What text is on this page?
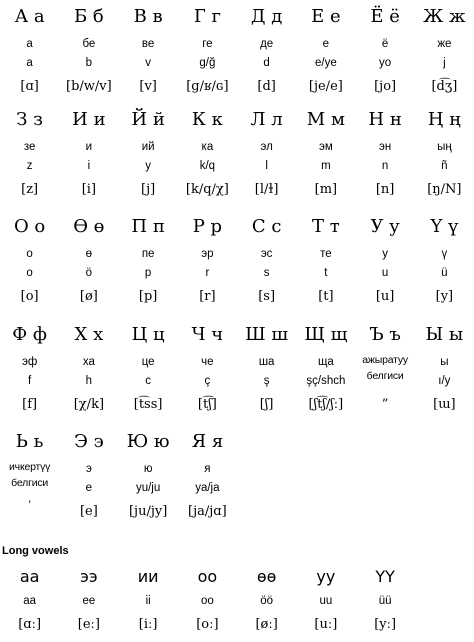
А а
а
a
[ɑ]
Б б
бе
b
[b/w/v]
В в
ве
v
[v]
Г г
ге
g/ğ
[g/ʁ/ɢ]
Д д
де
d
[d]
Е е
е
e/ye
[je/e]
Ё ё
ё
yo
[jo]
Ж ж
же
j
[d͡ʒ]
З з
зе
z
[z]
И и
и
i
[i]
Й й
ий
y
[j]
К к
ка
k/q
[k/q/χ]
Л л
эл
l
[l/ɫ]
М м
эм
m
[m]
Н н
эн
n
[n]
Ң ң
ың
ñ
[ŋ/N]
О о
о
o
[o]
Ө ө
ө
ö
[ø]
П п
пе
p
[p]
Р р
эр
r
[r]
С с
эс
s
[s]
Т т
те
t
[t]
У у
у
u
[u]
Ү ү
ү
ü
[y]
Ф ф
эф
f
[f]
Х х
ха
h
[χ/k]
Ц ц
це
c
[t͡ss]
Ч ч
че
ç
[t͡ʃ]
Ш ш
ша
ş
[ʃ]
Щ щ
ща
şç/shch
[ʃt͡ʃ/ʃː]
Ъ ъ
ажыратуу белгиси
”
Ы ы
ы
ı/y
[ɯ]
Ь ь
ичкертүү белгиси
’
Э э
э
e
[e]
Ю ю
ю
yu/ju
[ju/jy]
Я я
я
ya/ja
[ja/jɑ]
Long vowels
аа
aa
[ɑː]
ээ
ee
[eː]
ии
ii
[iː]
оо
oo
[oː]
өө
öö
[øː]
уу
uu
[uː]
ҮҮ
üü
[yː]
